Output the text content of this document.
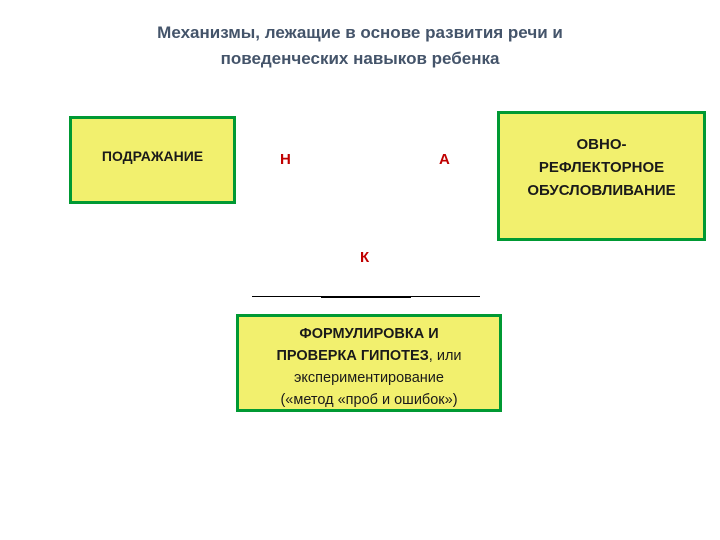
Механизмы, лежащие в основе развития речи и
поведенческих навыков ребенка
ПОДРАЖАНИЕ	Н	А
ОВНО-
РЕФЛЕКТОРНОЕ
ОБУСЛОВЛИВАНИЕ
К
ФОРМУЛИРОВКА И
ПРОВЕРКА ГИПОТЕЗ, или
экспериментирование
(«метод «проб и ошибок»)
